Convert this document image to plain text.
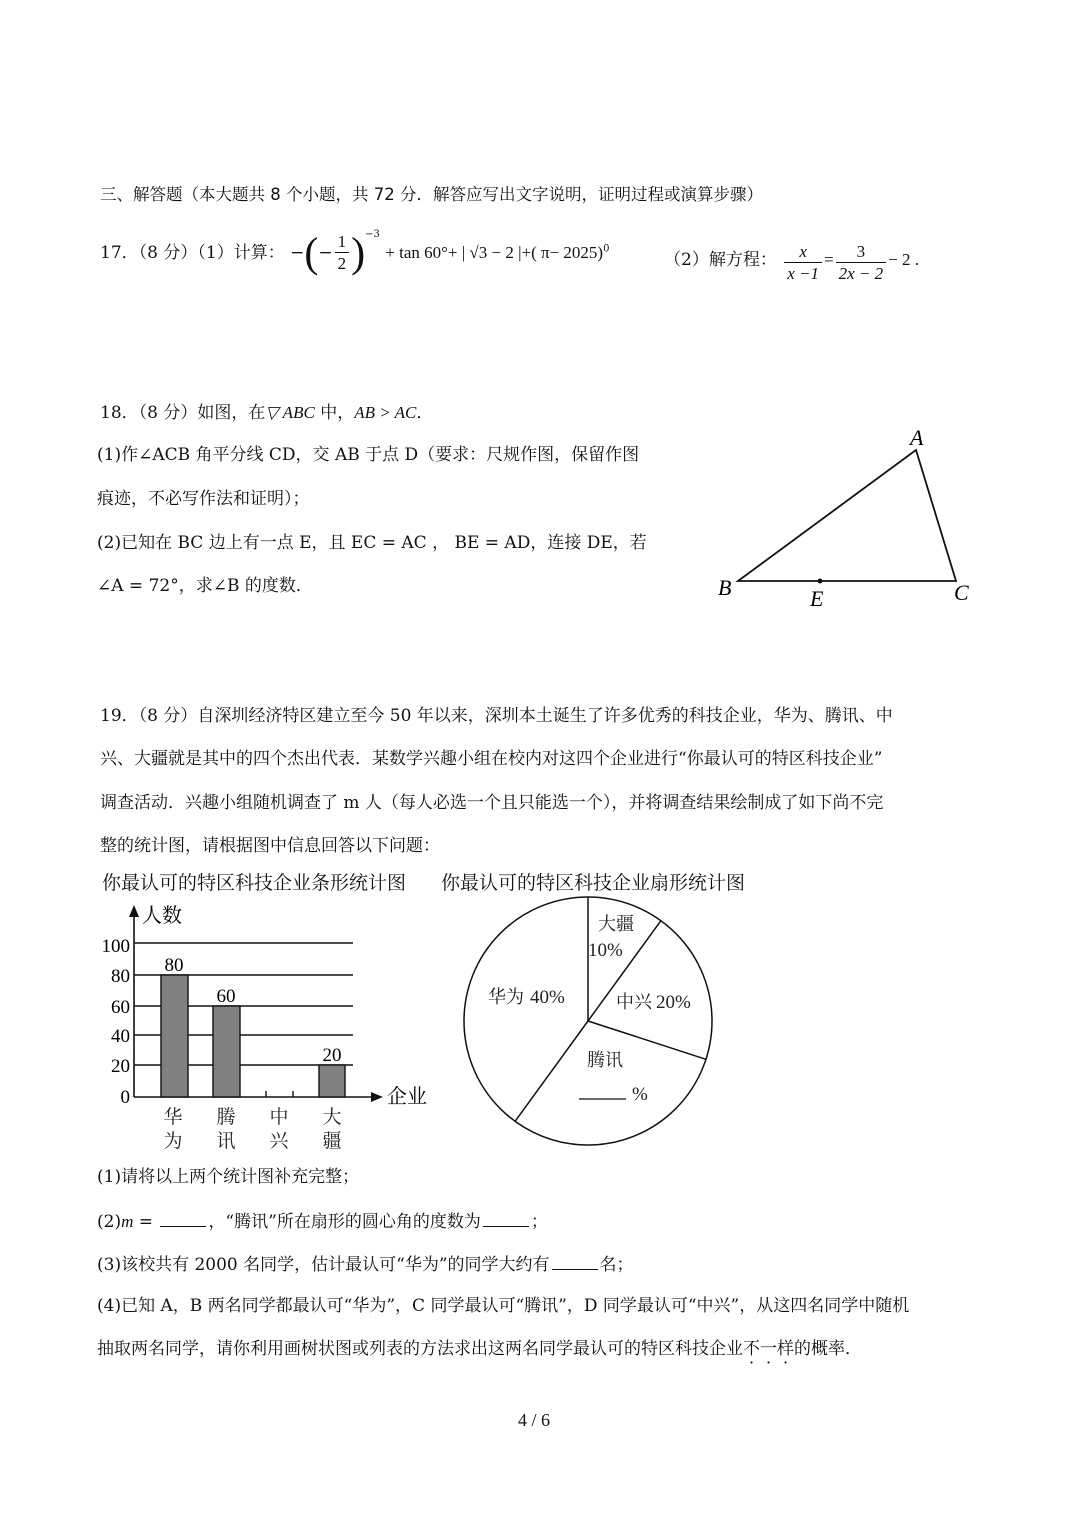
三、解答题（本大题共 8 个小题，共 72 分．解答应写出文字说明，证明过程或演算步骤）
17．（8 分）（1）计算： −(− $\frac{1}{2} )^{-3} + \tan 60^\circ+$ | √3 − 2 |+( π− 2025)$^0$
（2）解方程： $\frac{x}{x -1} = \frac{3}{2x - 2} - 2$ .
18．（8 分）如图，在▽ ABC 中，AB > AC．
(1)作∠ACB 角平分线 CD，交 AB 于点 D（要求：尺规作图，保留作图
痕迹，不必写作法和证明）；
(2)已知在 BC 边上有一点 E，且 EC = AC ， BE = AD，连接 DE，若
∠A = 72°，求∠B 的度数．
A
B	C
E
19．（8 分）自深圳经济特区建立至今 50 年以来，深圳本土诞生了许多优秀的科技企业，华为、腾讯、中
兴、大疆就是其中的四个杰出代表．某数学兴趣小组在校内对这四个企业进行“你最认可的特区科技企业”
调查活动．兴趣小组随机调查了 m 人（每人必选一个且只能选一个），并将调查结果绘制成了如下尚不完
整的统计图，请根据图中信息回答以下问题：
你最认可的特区科技企业条形统计图 你最认可的特区科技企业扇形统计图
人数
企业
0
20
40
60
80
100
80
60
20
华
为
腾
讯
中
兴
大
疆
大疆
10%
中兴 20%
华为 40%
腾讯
%
(1)请将以上两个统计图补充完整；
(2)m =	，“腾讯”所在扇形的圆心角的度数为	；
(3)该校共有 2000 名同学，估计最认可“华为”的同学大约有	名；
(4)已知 A，B 两名同学都最认可“华为”，C 同学最认可“腾讯”，D 同学最认可“中兴”，从这四名同学中随机
抽取两名同学，请你利用画树状图或列表的方法求出这两名同学最认可的特区科技企业不一样的概率．
4 / 6
